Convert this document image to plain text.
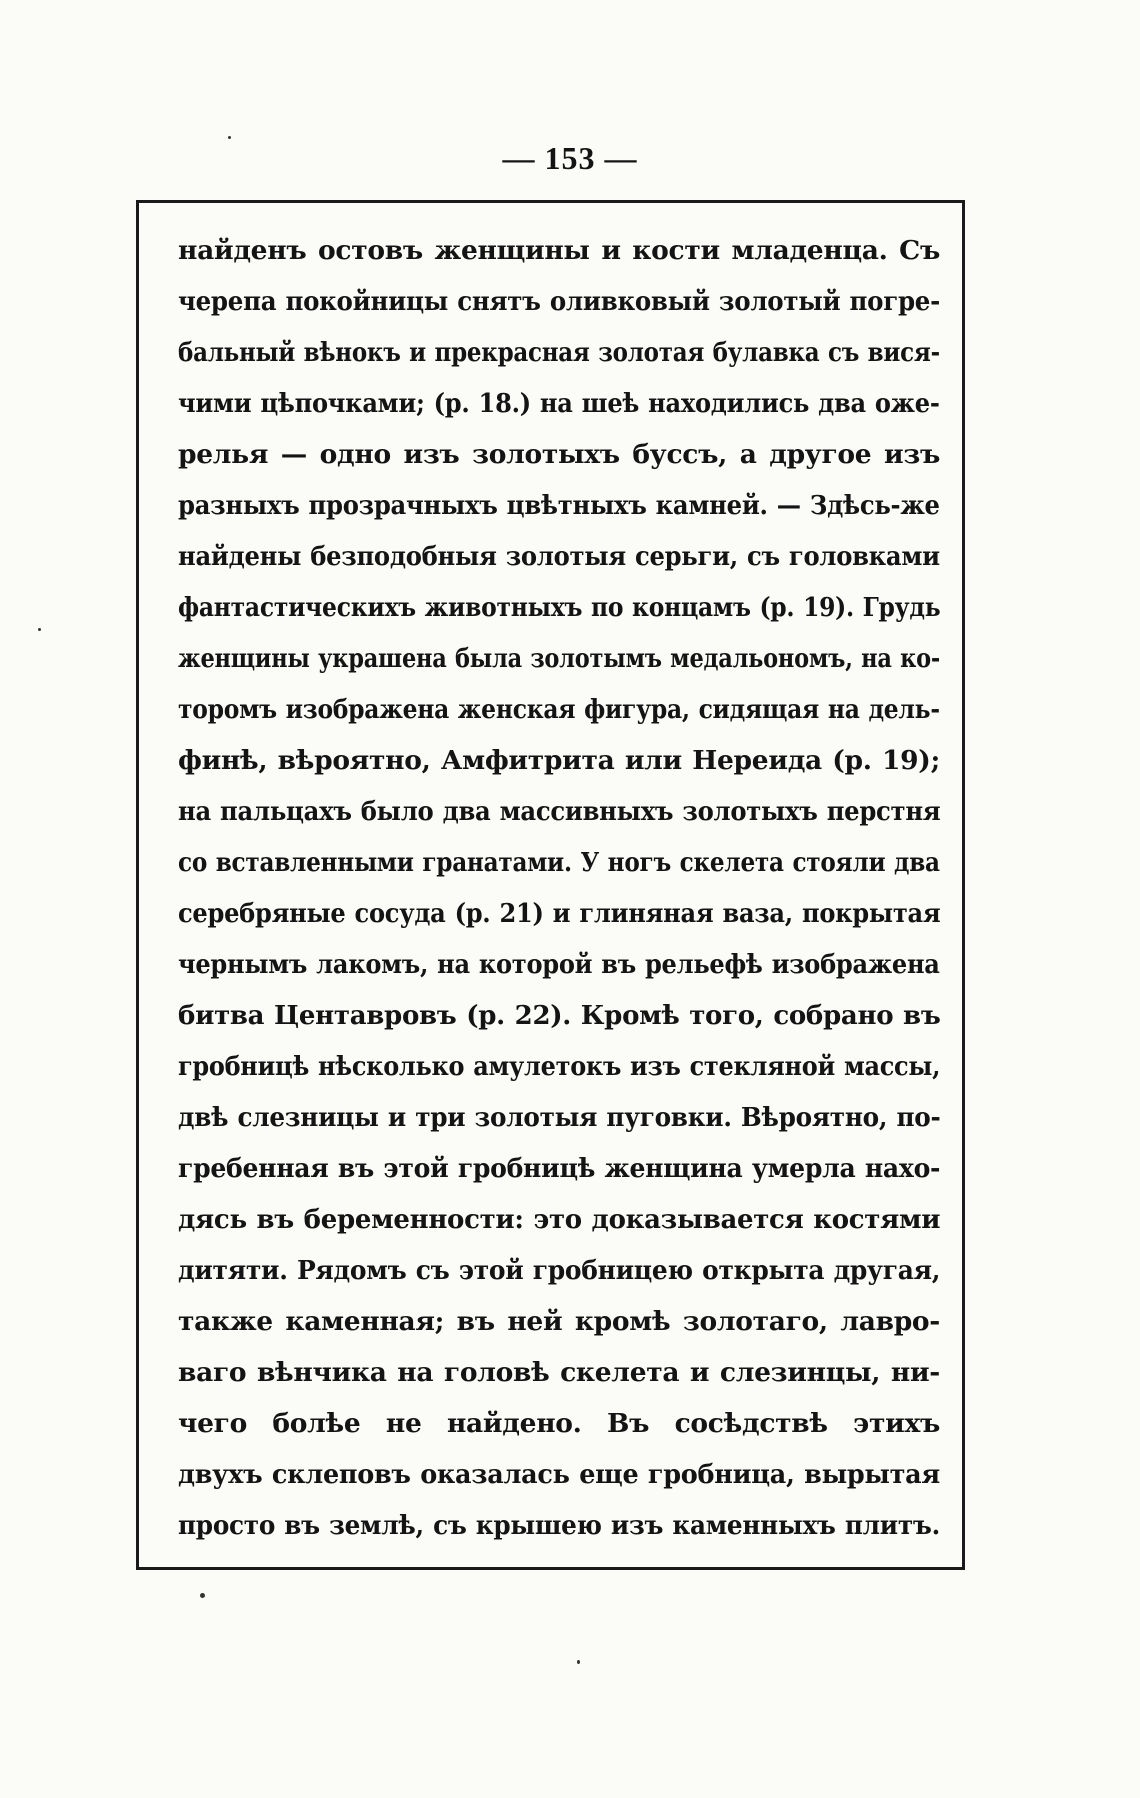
— 153 —
найденъ остовъ женщины и кости младенца. Съ
черепа покойницы снятъ оливковый золотый погре-
бальный вѣнокъ и прекрасная золотая булавка съ вися-
чими цѣпочками; (p. 18.) на шеѣ находились два оже-
релья — одно изъ золотыхъ буссъ, а другое изъ
разныхъ прозрачныхъ цвѣтныхъ камней. — Здѣсь-же
найдены безподобныя золотыя серьги, съ головками
фантастическихъ животныхъ по концамъ (p. 19). Грудь
женщины украшена была золотымъ медальономъ, на ко-
торомъ изображена женская фигура, сидящая на дель-
финѣ, вѣроятно, Амфитрита или Нереида (p. 19);
на пальцахъ было два массивныхъ золотыхъ перстня
со вставленными гранатами. У ногъ скелета стояли два
серебряные сосуда (p. 21) и глиняная ваза, покрытая
чернымъ лакомъ, на которой въ рельефѣ изображена
битва Центавровъ (p. 22). Кромѣ того, собрано въ
гробницѣ нѣсколько амулетокъ изъ стекляной массы,
двѣ слезницы и три золотыя пуговки. Вѣроятно, по-
гребенная въ этой гробницѣ женщина умерла нахо-
дясь въ беременности: это доказывается костями
дитяти. Рядомъ съ этой гробницею открыта другая,
также каменная; въ ней кромѣ золотаго, лавро-
ваго вѣнчика на головѣ скелета и слезинцы, ни-
чего болѣе не найдено. Въ сосѣдствѣ этихъ
двухъ склеповъ оказалась еще гробница, вырытая
просто въ землѣ, съ крышею изъ каменныхъ плитъ.
